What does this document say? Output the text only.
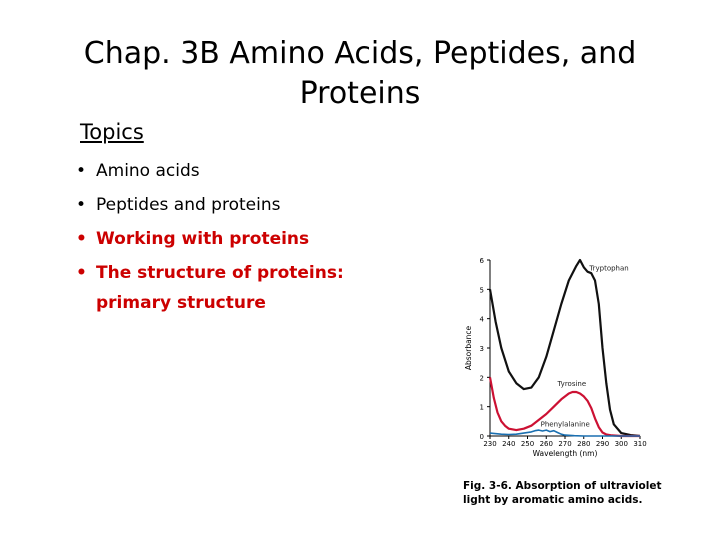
Chap. 3B Amino Acids, Peptides, and
Proteins
Topics
• Amino acids
• Peptides and proteins
• Working with proteins
• The structure of proteins:
primary structure
0
1
2
3
4
5
6
230 240 250 260 270 280 290 300 310
Wavelength (nm)
Absorbance
Tryptophan
Tyrosine
Phenylalanine
Fig. 3-6. Absorption of ultraviolet
light by aromatic amino acids.
